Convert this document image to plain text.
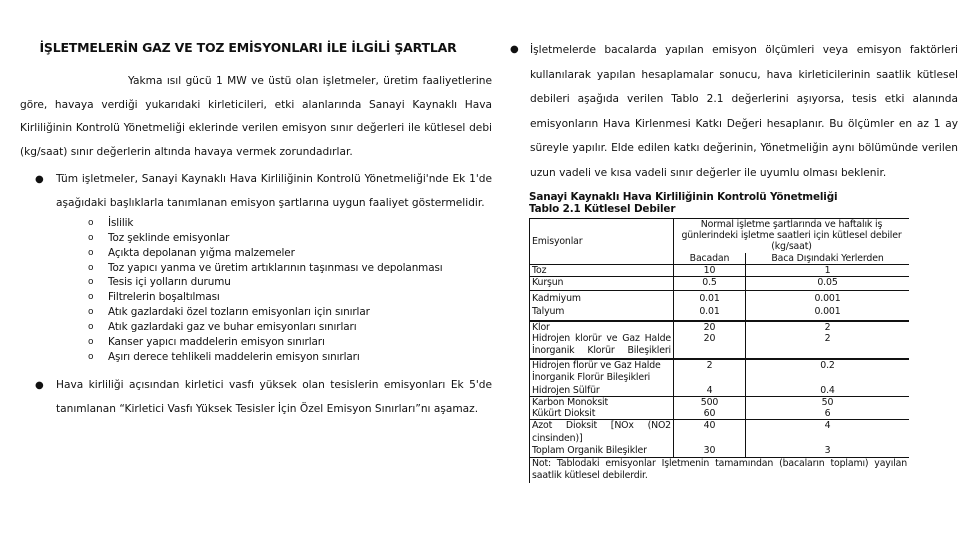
İŞLETMELERİN GAZ VE TOZ EMİSYONLARI İLE İLGİLİ ŞARTLAR

Yakma ısıl gücü 1 MW ve üstü olan işletmeler, üretim faaliyetlerine göre, havaya verdiği yukarıdaki kirleticileri, etki alanlarında Sanayi Kaynaklı Hava Kirliliğinin Kontrolü Yönetmeliği eklerinde verilen emisyon sınır değerleri ile kütlesel debi (kg/saat) sınır değerlerin altında havaya vermek zorundadırlar.

● Tüm işletmeler, Sanayi Kaynaklı Hava Kirliliğinin Kontrolü Yönetmeliği'nde Ek 1'de aşağıdaki başlıklarla tanımlanan emisyon şartlarına uygun faaliyet göstermelidir.
o İslilik
o Toz şeklinde emisyonlar
o Açıkta depolanan yığma malzemeler
o Toz yapıcı yanma ve üretim artıklarının taşınması ve depolanması
o Tesis içi yolların durumu
o Filtrelerin boşaltılması
o Atık gazlardaki özel tozların emisyonları için sınırlar
o Atık gazlardaki gaz ve buhar emisyonları sınırları
o Kanser yapıcı maddelerin emisyon sınırları
o Aşırı derece tehlikeli maddelerin emisyon sınırları
● Hava kirliliği açısından kirletici vasfı yüksek olan tesislerin emisyonları Ek 5'de tanımlanan “Kirletici Vasfı Yüksek Tesisler İçin Özel Emisyon Sınırları”nı aşamaz.
● İşletmelerde bacalarda yapılan emisyon ölçümleri veya emisyon faktörleri kullanılarak yapılan hesaplamalar sonucu, hava kirleticilerinin saatlik kütlesel debileri aşağıda verilen Tablo 2.1 değerlerini aşıyorsa, tesis etki alanında emisyonların Hava Kirlenmesi Katkı Değeri hesaplanır. Bu ölçümler en az 1 ay süreyle yapılır. Elde edilen katkı değerinin, Yönetmeliğin aynı bölümünde verilen uzun vadeli ve kısa vadeli sınır değerler ile uyumlu olması beklenir.
Sanayi Kaynaklı Hava Kirliliğinin Kontrolü Yönetmeliği
Tablo 2.1 Kütlesel Debiler
Emisyonlar	Normal işletme şartlarında ve haftalık iş günlerindeki işletme saatleri için kütlesel debiler (kg/saat)	
	Bacadan	Baca Dışındaki Yerlerden
Toz	10	1
Kurşun	0.5	0.05
Kadmiyum	0.01	0.001
Talyum	0.01	0.001
Klor	20	2
Hidrojen klorür ve Gaz Halde İnorganik Klorür Bileşikleri	20	2
Hidrojen florür ve Gaz Halde İnorganik Florür Bileşikleri	2	0.2
Hidrojen Sülfür	4	0.4
Karbon Monoksit	500	50
Kükürt Dioksit	60	6
Azot Dioksit [NOx (NO2 cinsinden)]	40	4
Toplam Organik Bileşikler	30	3
Not: Tablodaki emisyonlar İşletmenin tamamından (bacaların toplamı) yayılan saatlik kütlesel debilerdir.		
